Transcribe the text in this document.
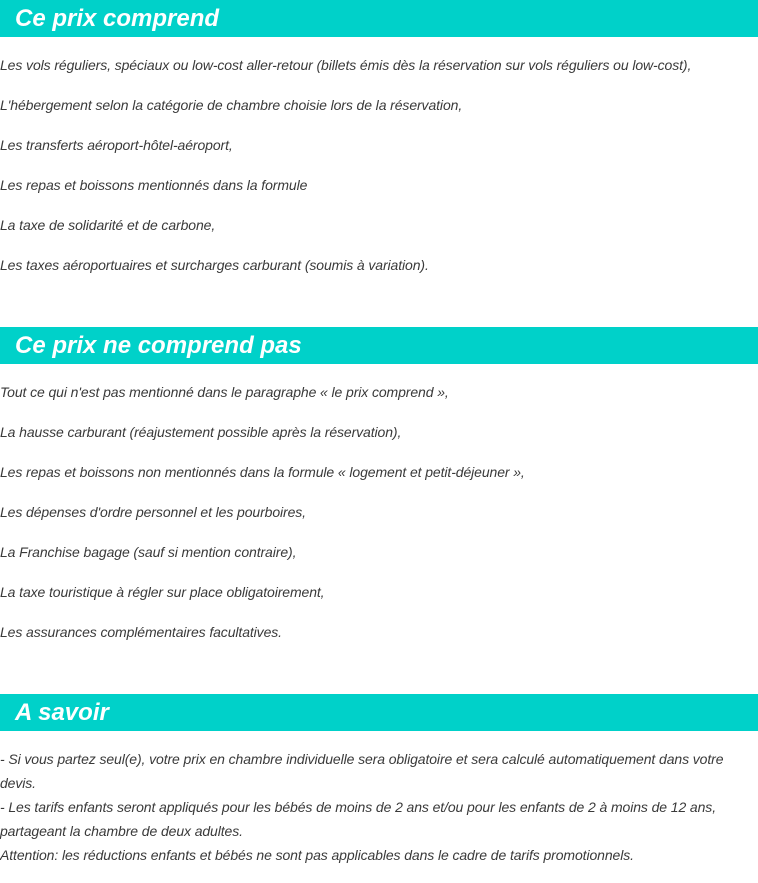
Ce prix comprend
Les vols réguliers, spéciaux ou low-cost aller-retour (billets émis dès la réservation sur vols réguliers ou low-cost),
L'hébergement selon la catégorie de chambre choisie lors de la réservation,
Les transferts aéroport-hôtel-aéroport,
Les repas et boissons mentionnés dans la formule
La taxe de solidarité et de carbone,
Les taxes aéroportuaires et surcharges carburant (soumis à variation).
Ce prix ne comprend pas
Tout ce qui n'est pas mentionné dans le paragraphe « le prix comprend »,
La hausse carburant (réajustement possible après la réservation),
Les repas et boissons non mentionnés dans la formule « logement et petit-déjeuner »,
Les dépenses d'ordre personnel et les pourboires,
La Franchise bagage (sauf si mention contraire),
La taxe touristique à régler sur place obligatoirement,
Les assurances complémentaires facultatives.
A savoir
- Si vous partez seul(e), votre prix en chambre individuelle sera obligatoire et sera calculé automatiquement dans votre devis.
- Les tarifs enfants seront appliqués pour les bébés de moins de 2 ans et/ou pour les enfants de 2 à moins de 12 ans, partageant la chambre de deux adultes.
Attention: les réductions enfants et bébés ne sont pas applicables dans le cadre de tarifs promotionnels.
